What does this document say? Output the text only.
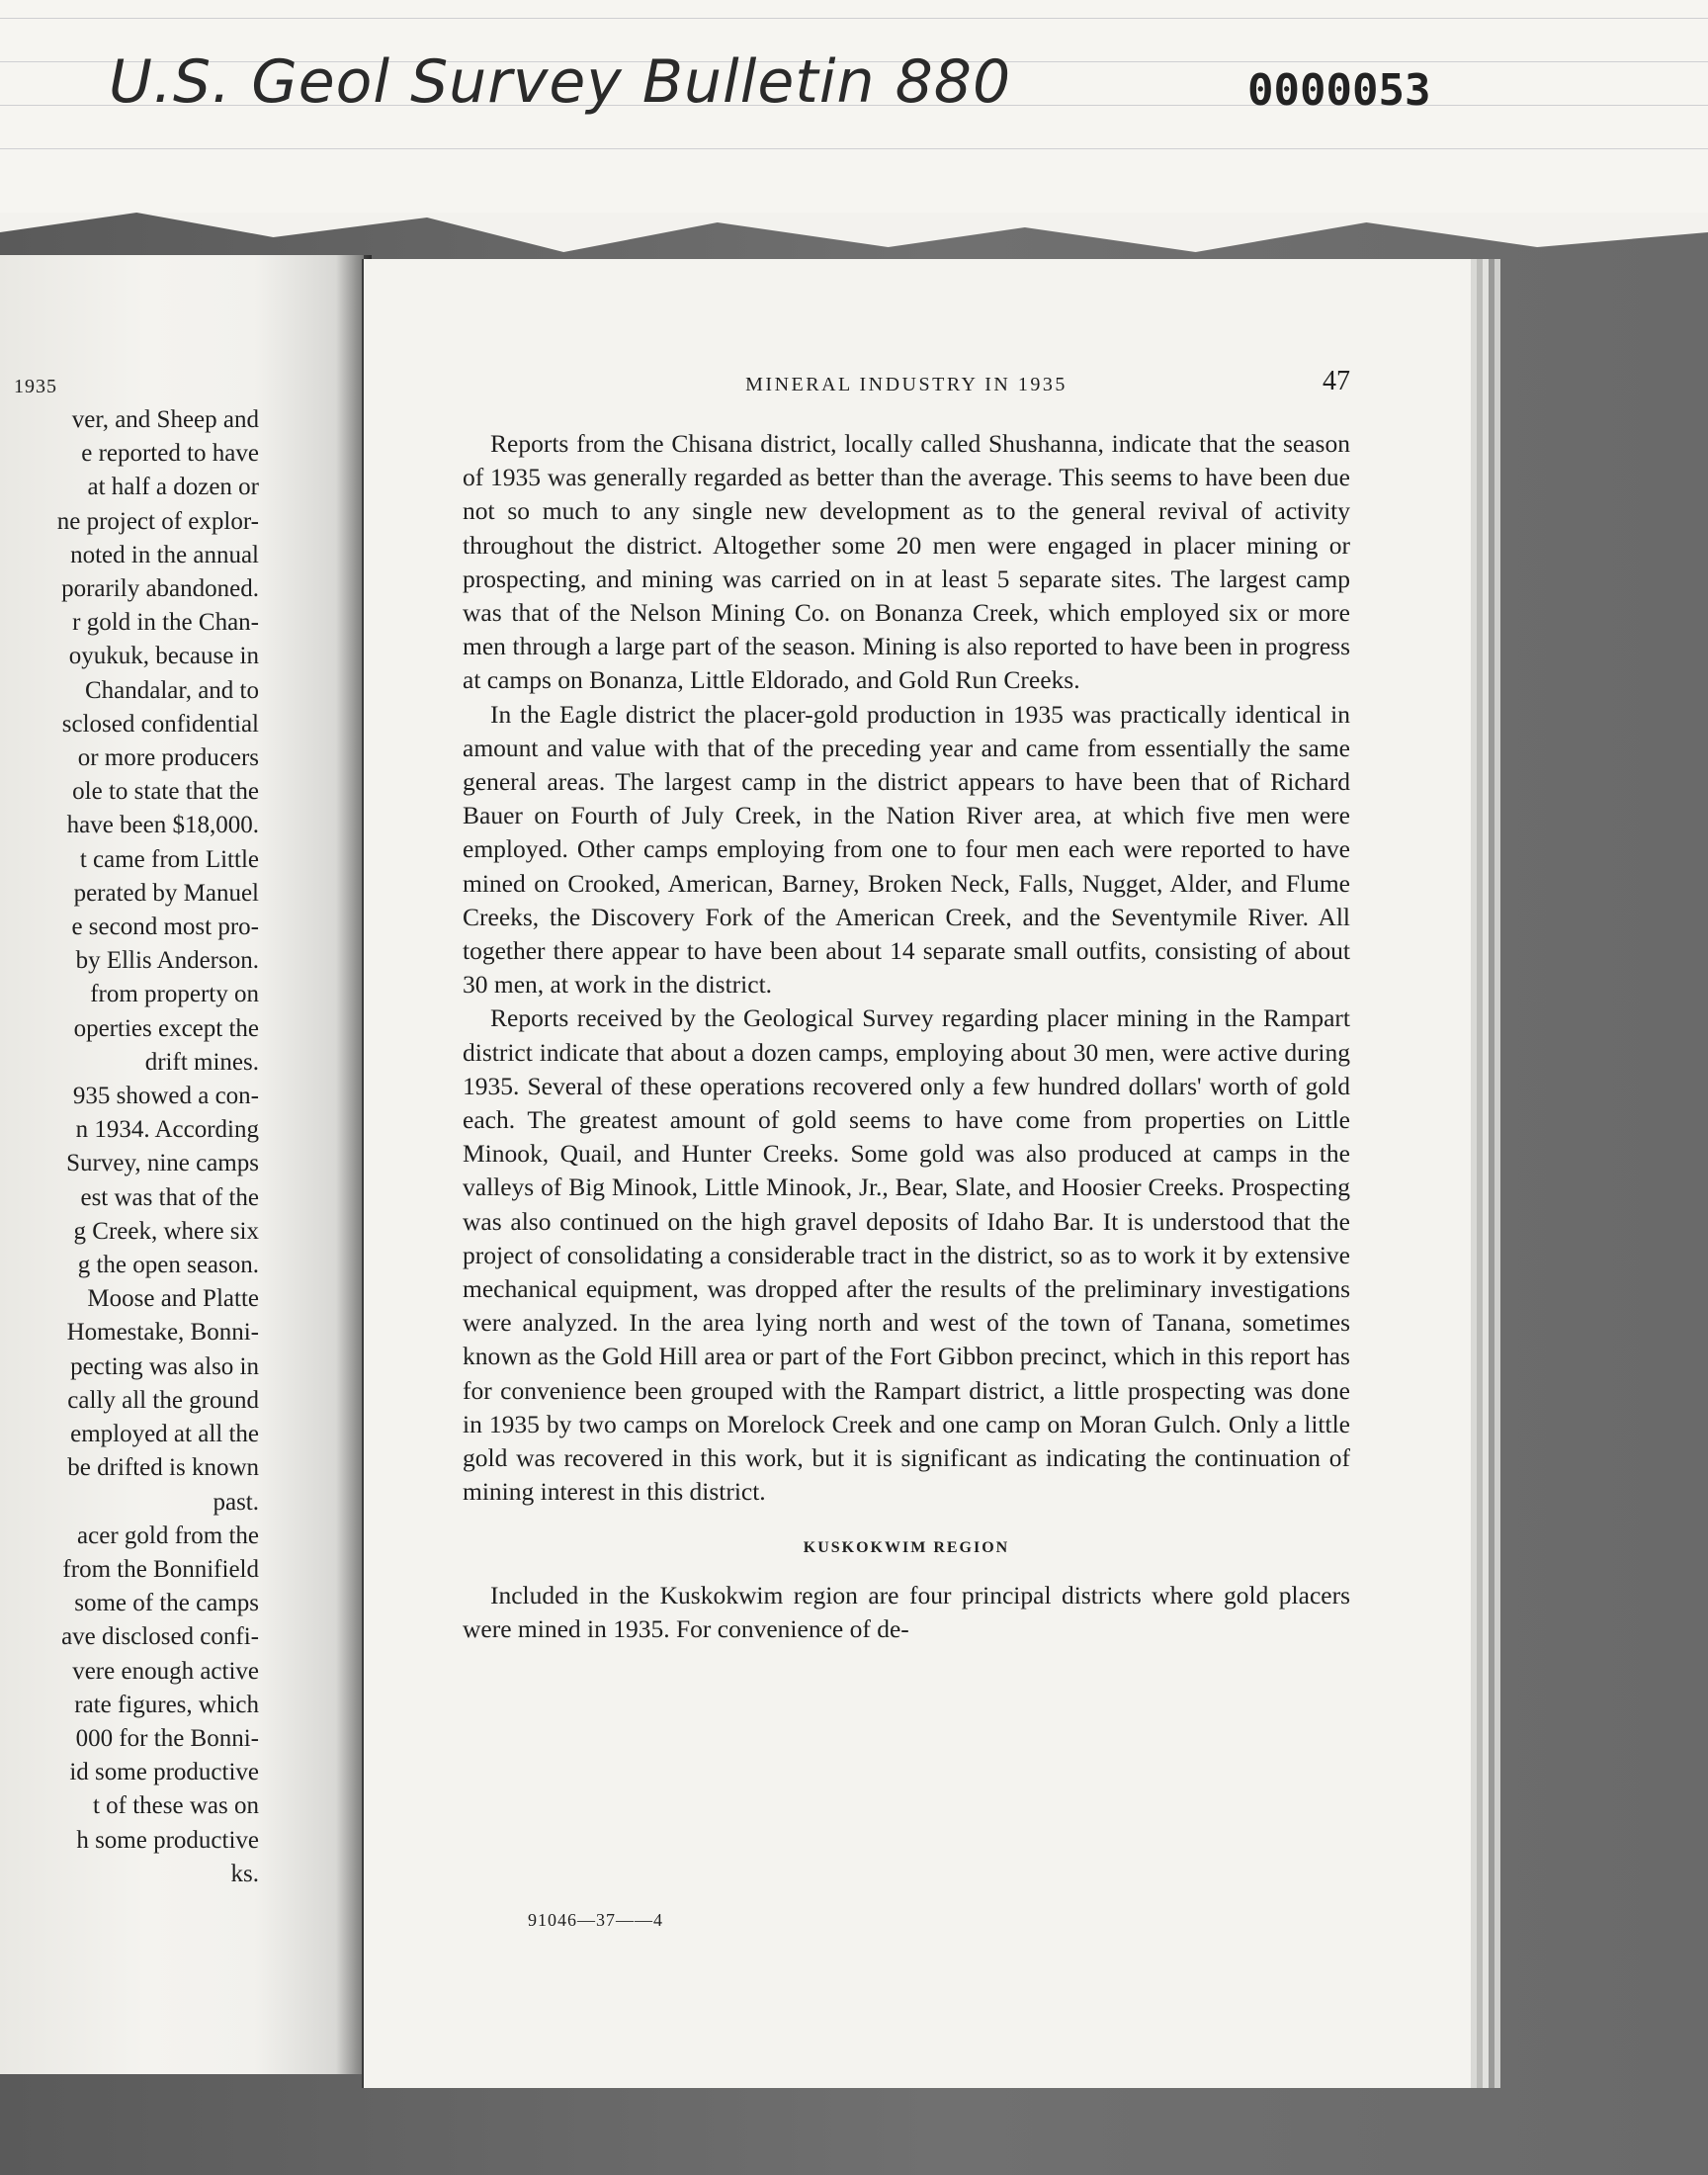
U.S. Geol Survey Bulletin 880	0000053
1935
ver, and Sheep and
e reported to have
at half a dozen or
ne project of explor-
noted in the annual
porarily abandoned.
r gold in the Chan-
oyukuk, because in
Chandalar, and to
sclosed confidential
or more producers
ole to state that the
have been $18,000.
t came from Little
perated by Manuel
e second most pro-
by Ellis Anderson.
from property on
operties except the
drift mines.
935 showed a con-
n 1934. According
Survey, nine camps
est was that of the
g Creek, where six
g the open season.
Moose and Platte
Homestake, Bonni-
pecting was also in
cally all the ground
employed at all the
be drifted is known
past.
acer gold from the
from the Bonnifield
some of the camps
ave disclosed confi-
vere enough active
rate figures, which
000 for the Bonni-
id some productive
t of these was on
h some productive
ks.
MINERAL INDUSTRY IN 1935	47

Reports from the Chisana district, locally called Shushanna, indicate that the season of 1935 was generally regarded as better than the average. This seems to have been due not so much to any single new development as to the general revival of activity throughout the district. Altogether some 20 men were engaged in placer mining or prospecting, and mining was carried on in at least 5 separate sites. The largest camp was that of the Nelson Mining Co. on Bonanza Creek, which employed six or more men through a large part of the season. Mining is also reported to have been in progress at camps on Bonanza, Little Eldorado, and Gold Run Creeks.

In the Eagle district the placer-gold production in 1935 was practically identical in amount and value with that of the preceding year and came from essentially the same general areas. The largest camp in the district appears to have been that of Richard Bauer on Fourth of July Creek, in the Nation River area, at which five men were employed. Other camps employing from one to four men each were reported to have mined on Crooked, American, Barney, Broken Neck, Falls, Nugget, Alder, and Flume Creeks, the Discovery Fork of the American Creek, and the Seventymile River. All together there appear to have been about 14 separate small outfits, consisting of about 30 men, at work in the district.

Reports received by the Geological Survey regarding placer mining in the Rampart district indicate that about a dozen camps, employing about 30 men, were active during 1935. Several of these operations recovered only a few hundred dollars' worth of gold each. The greatest amount of gold seems to have come from properties on Little Minook, Quail, and Hunter Creeks. Some gold was also produced at camps in the valleys of Big Minook, Little Minook, Jr., Bear, Slate, and Hoosier Creeks. Prospecting was also continued on the high gravel deposits of Idaho Bar. It is understood that the project of consolidating a considerable tract in the district, so as to work it by extensive mechanical equipment, was dropped after the results of the preliminary investigations were analyzed. In the area lying north and west of the town of Tanana, sometimes known as the Gold Hill area or part of the Fort Gibbon precinct, which in this report has for convenience been grouped with the Rampart district, a little prospecting was done in 1935 by two camps on Morelock Creek and one camp on Moran Gulch. Only a little gold was recovered in this work, but it is significant as indicating the continuation of mining interest in this district.

KUSKOKWIM REGION

Included in the Kuskokwim region are four principal districts where gold placers were mined in 1935. For convenience of de-

91046—37——4
